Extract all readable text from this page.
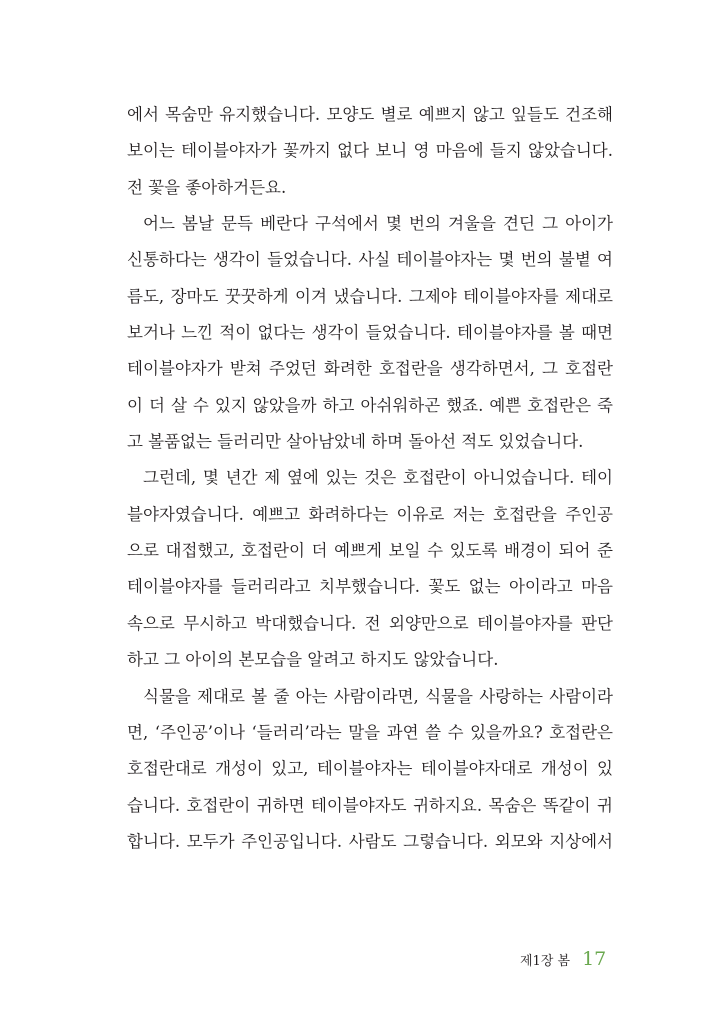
에서 목숨만 유지했습니다. 모양도 별로 예쁘지 않고 잎들도 건조해
보이는 테이블야자가 꽃까지 없다 보니 영 마음에 들지 않았습니다.
전 꽃을 좋아하거든요.
어느 봄날 문득 베란다 구석에서 몇 번의 겨울을 견딘 그 아이가
신통하다는 생각이 들었습니다. 사실 테이블야자는 몇 번의 불볕 여
름도, 장마도 꿋꿋하게 이겨 냈습니다. 그제야 테이블야자를 제대로
보거나 느낀 적이 없다는 생각이 들었습니다. 테이블야자를 볼 때면
테이블야자가 받쳐 주었던 화려한 호접란을 생각하면서, 그 호접란
이 더 살 수 있지 않았을까 하고 아쉬워하곤 했죠. 예쁜 호접란은 죽
고 볼품없는 들러리만 살아남았네 하며 돌아선 적도 있었습니다.
그런데, 몇 년간 제 옆에 있는 것은 호접란이 아니었습니다. 테이
블야자였습니다. 예쁘고 화려하다는 이유로 저는 호접란을 주인공
으로 대접했고, 호접란이 더 예쁘게 보일 수 있도록 배경이 되어 준
테이블야자를 들러리라고 치부했습니다. 꽃도 없는 아이라고 마음
속으로 무시하고 박대했습니다. 전 외양만으로 테이블야자를 판단
하고 그 아이의 본모습을 알려고 하지도 않았습니다.
식물을 제대로 볼 줄 아는 사람이라면, 식물을 사랑하는 사람이라
면, ‘주인공’이나 ‘들러리’라는 말을 과연 쓸 수 있을까요? 호접란은
호접란대로 개성이 있고, 테이블야자는 테이블야자대로 개성이 있
습니다. 호접란이 귀하면 테이블야자도 귀하지요. 목숨은 똑같이 귀
합니다. 모두가 주인공입니다. 사람도 그렇습니다. 외모와 지상에서
제1장 봄 17
